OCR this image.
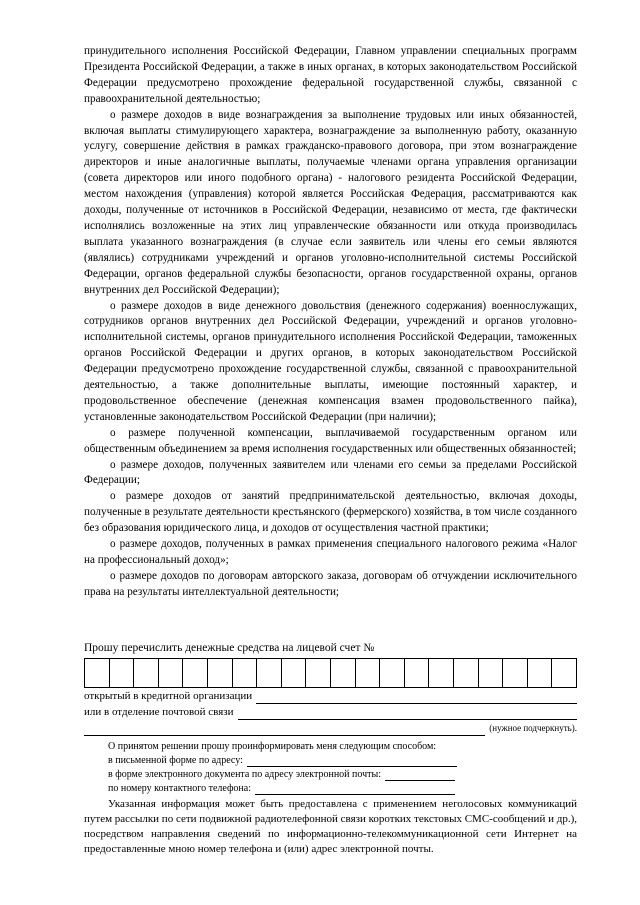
принудительного исполнения Российской Федерации, Главном управлении специальных программ Президента Российской Федерации, а также в иных органах, в которых законодательством Российской Федерации предусмотрено прохождение федеральной государственной службы, связанной с правоохранительной деятельностью;

о размере доходов в виде вознаграждения за выполнение трудовых или иных обязанностей, включая выплаты стимулирующего характера, вознаграждение за выполненную работу, оказанную услугу, совершение действия в рамках гражданско-правового договора, при этом вознаграждение директоров и иные аналогичные выплаты, получаемые членами органа управления организации (совета директоров или иного подобного органа) - налогового резидента Российской Федерации, местом нахождения (управления) которой является Российская Федерация, рассматриваются как доходы, полученные от источников в Российской Федерации, независимо от места, где фактически исполнялись возложенные на этих лиц управленческие обязанности или откуда производилась выплата указанного вознаграждения (в случае если заявитель или члены его семьи являются (являлись) сотрудниками учреждений и органов уголовно-исполнительной системы Российской Федерации, органов федеральной службы безопасности, органов государственной охраны, органов внутренних дел Российской Федерации);

о размере доходов в виде денежного довольствия (денежного содержания) военнослужащих, сотрудников органов внутренних дел Российской Федерации, учреждений и органов уголовно-исполнительной системы, органов принудительного исполнения Российской Федерации, таможенных органов Российской Федерации и других органов, в которых законодательством Российской Федерации предусмотрено прохождение государственной службы, связанной с правоохранительной деятельностью, а также дополнительные выплаты, имеющие постоянный характер, и продовольственное обеспечение (денежная компенсация взамен продовольственного пайка), установленные законодательством Российской Федерации (при наличии);

о размере полученной компенсации, выплачиваемой государственным органом или общественным объединением за время исполнения государственных или общественных обязанностей;

о размере доходов, полученных заявителем или членами его семьи за пределами Российской Федерации;

о размере доходов от занятий предпринимательской деятельностью, включая доходы, полученные в результате деятельности крестьянского (фермерского) хозяйства, в том числе созданного без образования юридического лица, и доходов от осуществления частной практики;

о размере доходов, полученных в рамках применения специального налогового режима «Налог на профессиональный доход»;

о размере доходов по договорам авторского заказа, договорам об отчуждении исключительного права на результаты интеллектуальной деятельности;

Прошу перечислить денежные средства на лицевой счет №
открытый в кредитной организации
или в отделение почтовой связи
(нужное подчеркнуть).
О принятом решении прошу проинформировать меня следующим способом:
в письменной форме по адресу:
в форме электронного документа по адресу электронной почты:
по номеру контактного телефона:

Указанная информация может быть предоставлена с применением неголосовых коммуникаций путем рассылки по сети подвижной радиотелефонной связи коротких текстовых СМС-сообщений и др.), посредством направления сведений по информационно-телекоммуникационной сети Интернет на предоставленные мною номер телефона и (или) адрес электронной почты.
